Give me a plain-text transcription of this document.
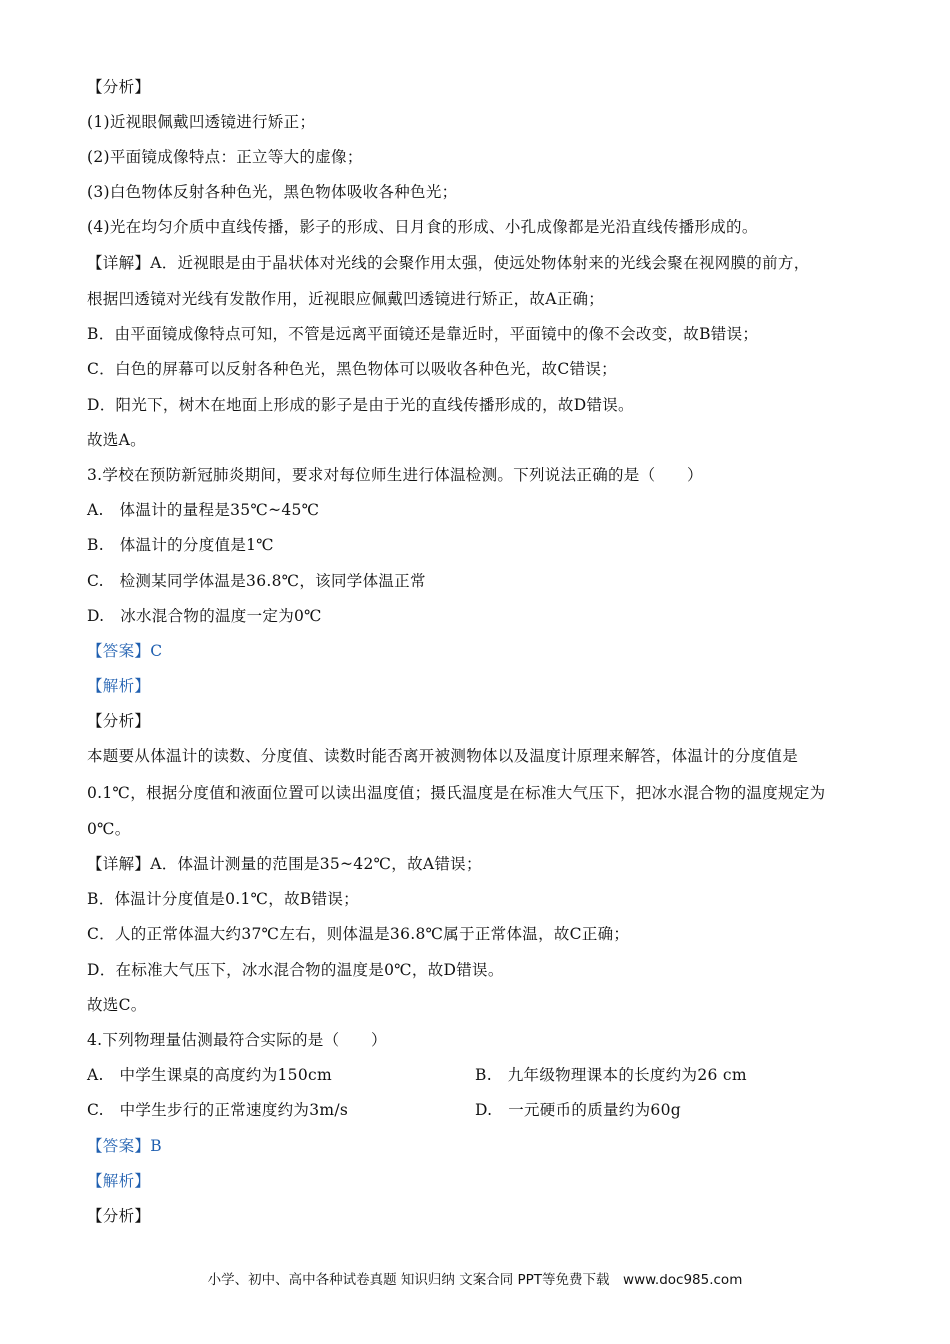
【分析】
(1)近视眼佩戴凹透镜进行矫正；
(2)平面镜成像特点：正立等大的虚像；
(3)白色物体反射各种色光，黑色物体吸收各种色光；
(4)光在均匀介质中直线传播，影子的形成、日月食的形成、小孔成像都是光沿直线传播形成的。
【详解】A．近视眼是由于晶状体对光线的会聚作用太强，使远处物体射来的光线会聚在视网膜的前方，
根据凹透镜对光线有发散作用，近视眼应佩戴凹透镜进行矫正，故A正确；
B．由平面镜成像特点可知，不管是远离平面镜还是靠近时，平面镜中的像不会改变，故B错误；
C．白色的屏幕可以反射各种色光，黑色物体可以吸收各种色光，故C错误；
D．阳光下，树木在地面上形成的影子是由于光的直线传播形成的，故D错误。
故选A。
3.学校在预防新冠肺炎期间，要求对每位师生进行体温检测。下列说法正确的是（　　）
A.　体温计的量程是35℃~45℃
B.　体温计的分度值是1℃
C.　检测某同学体温是36.8℃，该同学体温正常
D.　冰水混合物的温度一定为0℃
【答案】C
【解析】
【分析】
本题要从体温计的读数、分度值、读数时能否离开被测物体以及温度计原理来解答，体温计的分度值是
0.1℃，根据分度值和液面位置可以读出温度值；摄氏温度是在标准大气压下，把冰水混合物的温度规定为
0℃。
【详解】A．体温计测量的范围是35~42℃，故A错误；
B．体温计分度值是0.1℃，故B错误；
C．人的正常体温大约37℃左右，则体温是36.8℃属于正常体温，故C正确；
D．在标准大气压下，冰水混合物的温度是0℃，故D错误。
故选C。
4.下列物理量估测最符合实际的是（　　）
A.　中学生课桌的高度约为150cm	B.　九年级物理课本的长度约为26 cm
C.　中学生步行的正常速度约为3m/s	D.　一元硬币的质量约为60g
【答案】B
【解析】
【分析】
小学、初中、高中各种试卷真题 知识归纳 文案合同 PPT等免费下载　www.doc985.com
